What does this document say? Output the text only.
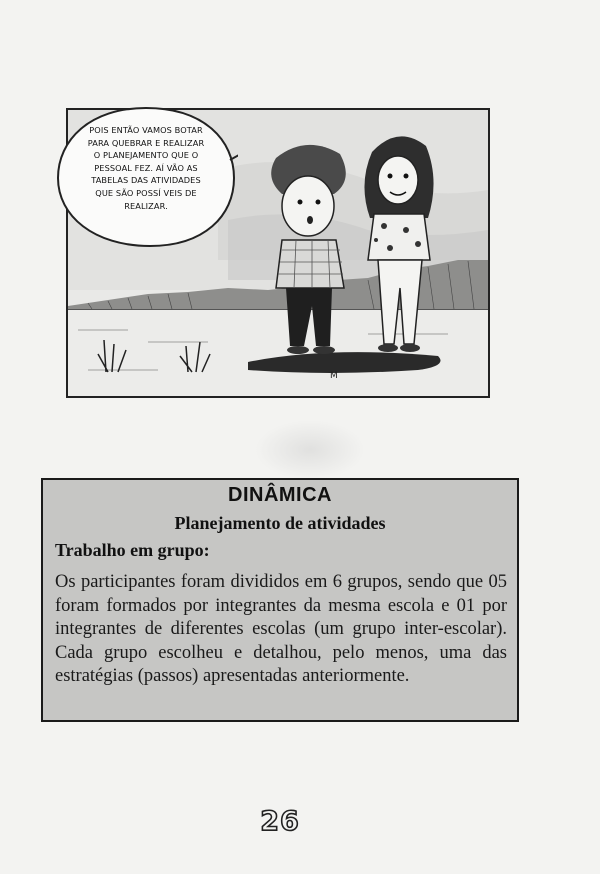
M
POIS ENTÃO VAMOS BOTAR
PARA QUEBRAR E REALIZAR
O PLANEJAMENTO QUE O
PESSOAL FEZ. AÍ VÃO AS
TABELAS DAS ATIVIDADES
QUE SÃO POSSÍ VEIS DE
REALIZAR.
DINÂMICA
Planejamento de atividades
Trabalho em grupo:
Os participantes foram divididos em 6 grupos, sendo que 05 foram formados por integrantes da mesma escola e 01 por integrantes de diferentes escolas (um grupo inter-escolar). Cada grupo escolheu e detalhou, pelo menos, uma das estratégias (passos) apresentadas anteriormente.
26
